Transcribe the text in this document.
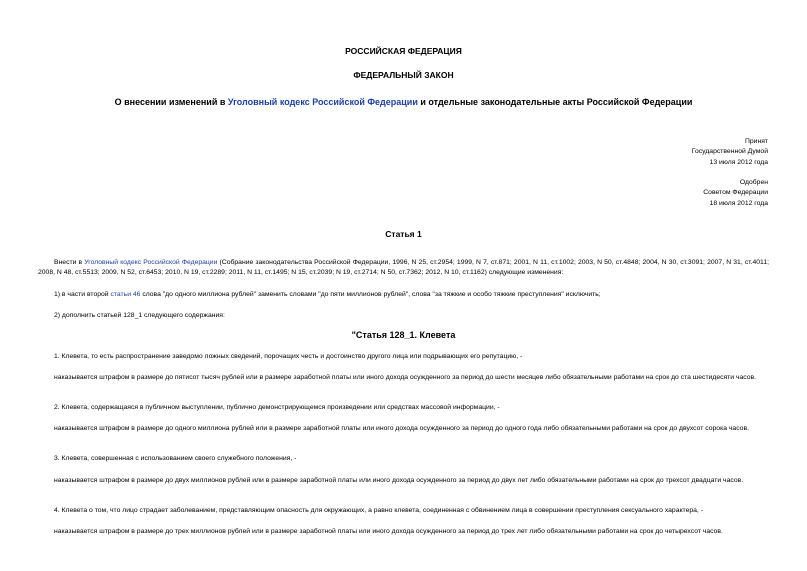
РОССИЙСКАЯ ФЕДЕРАЦИЯ
ФЕДЕРАЛЬНЫЙ ЗАКОН
О внесении изменений в Уголовный кодекс Российской Федерации и отдельные законодательные акты Российской Федерации
Принят
Государственной Думой
13 июля 2012 года
Одобрен
Советом Федерации
18 июля 2012 года
Статья 1
Внести в Уголовный кодекс Российской Федерации (Собрание законодательства Российской Федерации, 1996, N 25, ст.2954; 1999, N 7, ст.871; 2001, N 11, ст.1002; 2003, N 50, ст.4848; 2004, N 30, ст.3091; 2007, N 31, ст.4011; 2008, N 48, ст.5513; 2009, N 52, ст.6453; 2010, N 19, ст.2289; 2011, N 11, ст.1495; N 15, ст.2039; N 19, ст.2714; N 50, ст.7362; 2012, N 10, ст.1162) следующие изменения:
1) в части второй статьи 46 слова "до одного миллиона рублей" заменить словами "до пяти миллионов рублей", слова "за тяжкие и особо тяжкие преступления" исключить;
2) дополнить статьей 128_1 следующего содержания:
"Статья 128_1. Клевета
1. Клевета, то есть распространение заведомо ложных сведений, порочащих честь и достоинство другого лица или подрывающих его репутацию, -
наказывается штрафом в размере до пятисот тысяч рублей или в размере заработной платы или иного дохода осужденного за период до шести месяцев либо обязательными работами на срок до ста шестидесяти часов.
2. Клевета, содержащаяся в публичном выступлении, публично демонстрирующемся произведении или средствах массовой информации, -
наказывается штрафом в размере до одного миллиона рублей или в размере заработной платы или иного дохода осужденного за период до одного года либо обязательными работами на срок до двухсот сорока часов.
3. Клевета, совершенная с использованием своего служебного положения, -
наказывается штрафом в размере до двух миллионов рублей или в размере заработной платы или иного дохода осужденного за период до двух лет либо обязательными работами на срок до трехсот двадцати часов.
4. Клевета о том, что лицо страдает заболеванием, представляющим опасность для окружающих, а равно клевета, соединенная с обвинением лица в совершении преступления сексуального характера, -
наказывается штрафом в размере до трех миллионов рублей или в размере заработной платы или иного дохода осужденного за период до трех лет либо обязательными работами на срок до четырехсот часов.
